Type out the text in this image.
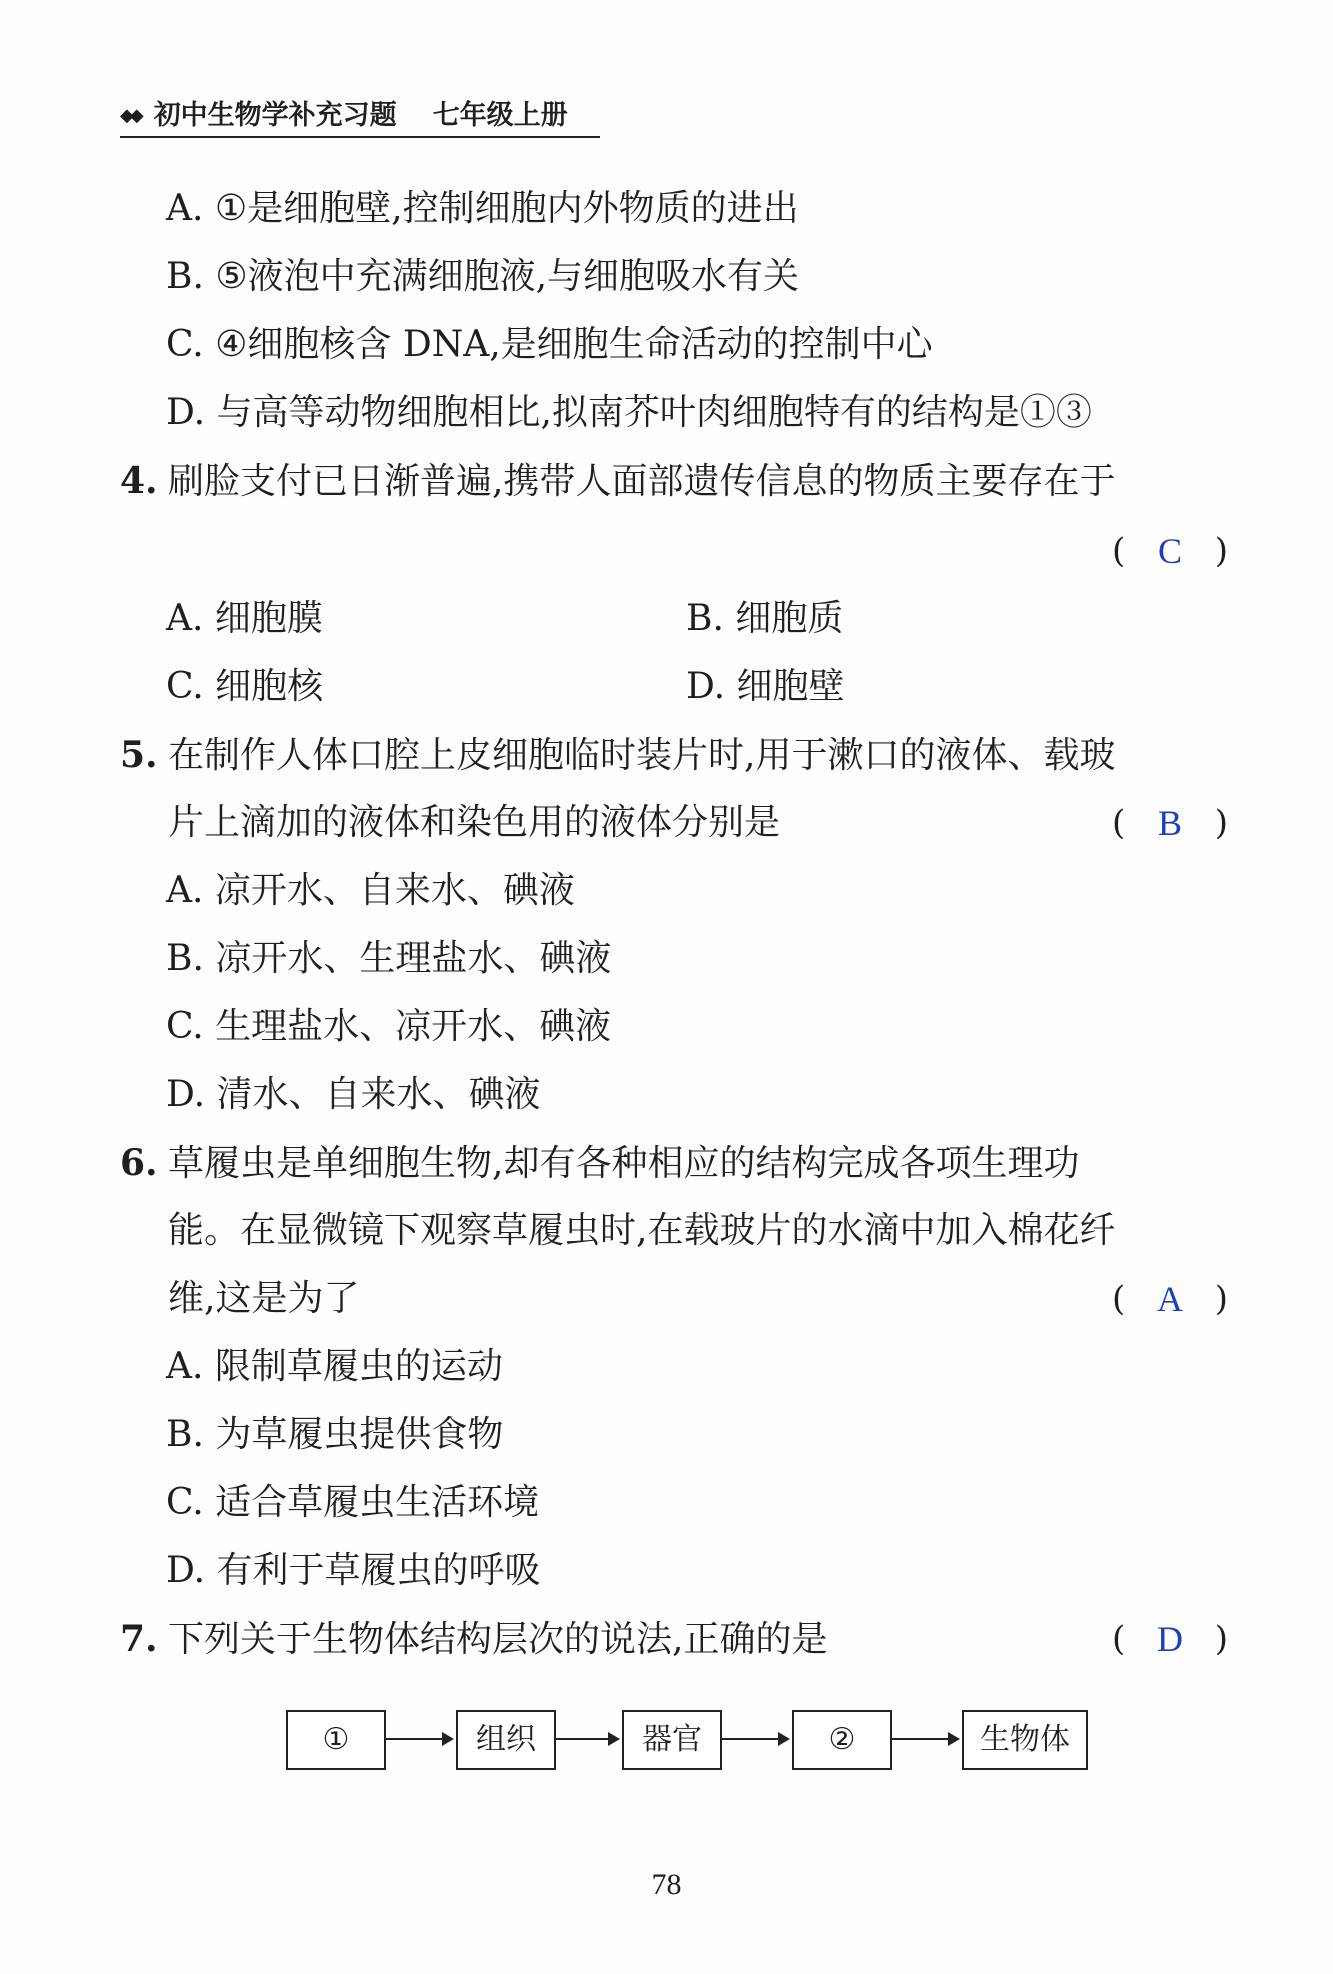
◆◆ 初中生物学补充习题 七年级上册
A. ①是细胞壁,控制细胞内外物质的进出
B. ⑤液泡中充满细胞液,与细胞吸水有关
C. ④细胞核含 DNA,是细胞生命活动的控制中心
D. 与高等动物细胞相比,拟南芥叶肉细胞特有的结构是①③
4. 刷脸支付已日渐普遍,携带人面部遗传信息的物质主要存在于
( C )
A. 细胞膜	B. 细胞质
C. 细胞核	D. 细胞壁
5. 在制作人体口腔上皮细胞临时装片时,用于漱口的液体、载玻
片上滴加的液体和染色用的液体分别是	( B )
A. 凉开水、自来水、碘液
B. 凉开水、生理盐水、碘液
C. 生理盐水、凉开水、碘液
D. 清水、自来水、碘液
6. 草履虫是单细胞生物,却有各种相应的结构完成各项生理功
能。在显微镜下观察草履虫时,在载玻片的水滴中加入棉花纤
维,这是为了	( A )
A. 限制草履虫的运动
B. 为草履虫提供食物
C. 适合草履虫生活环境
D. 有利于草履虫的呼吸
7. 下列关于生物体结构层次的说法,正确的是	( D )
①	组织	器官	②	生物体
78
